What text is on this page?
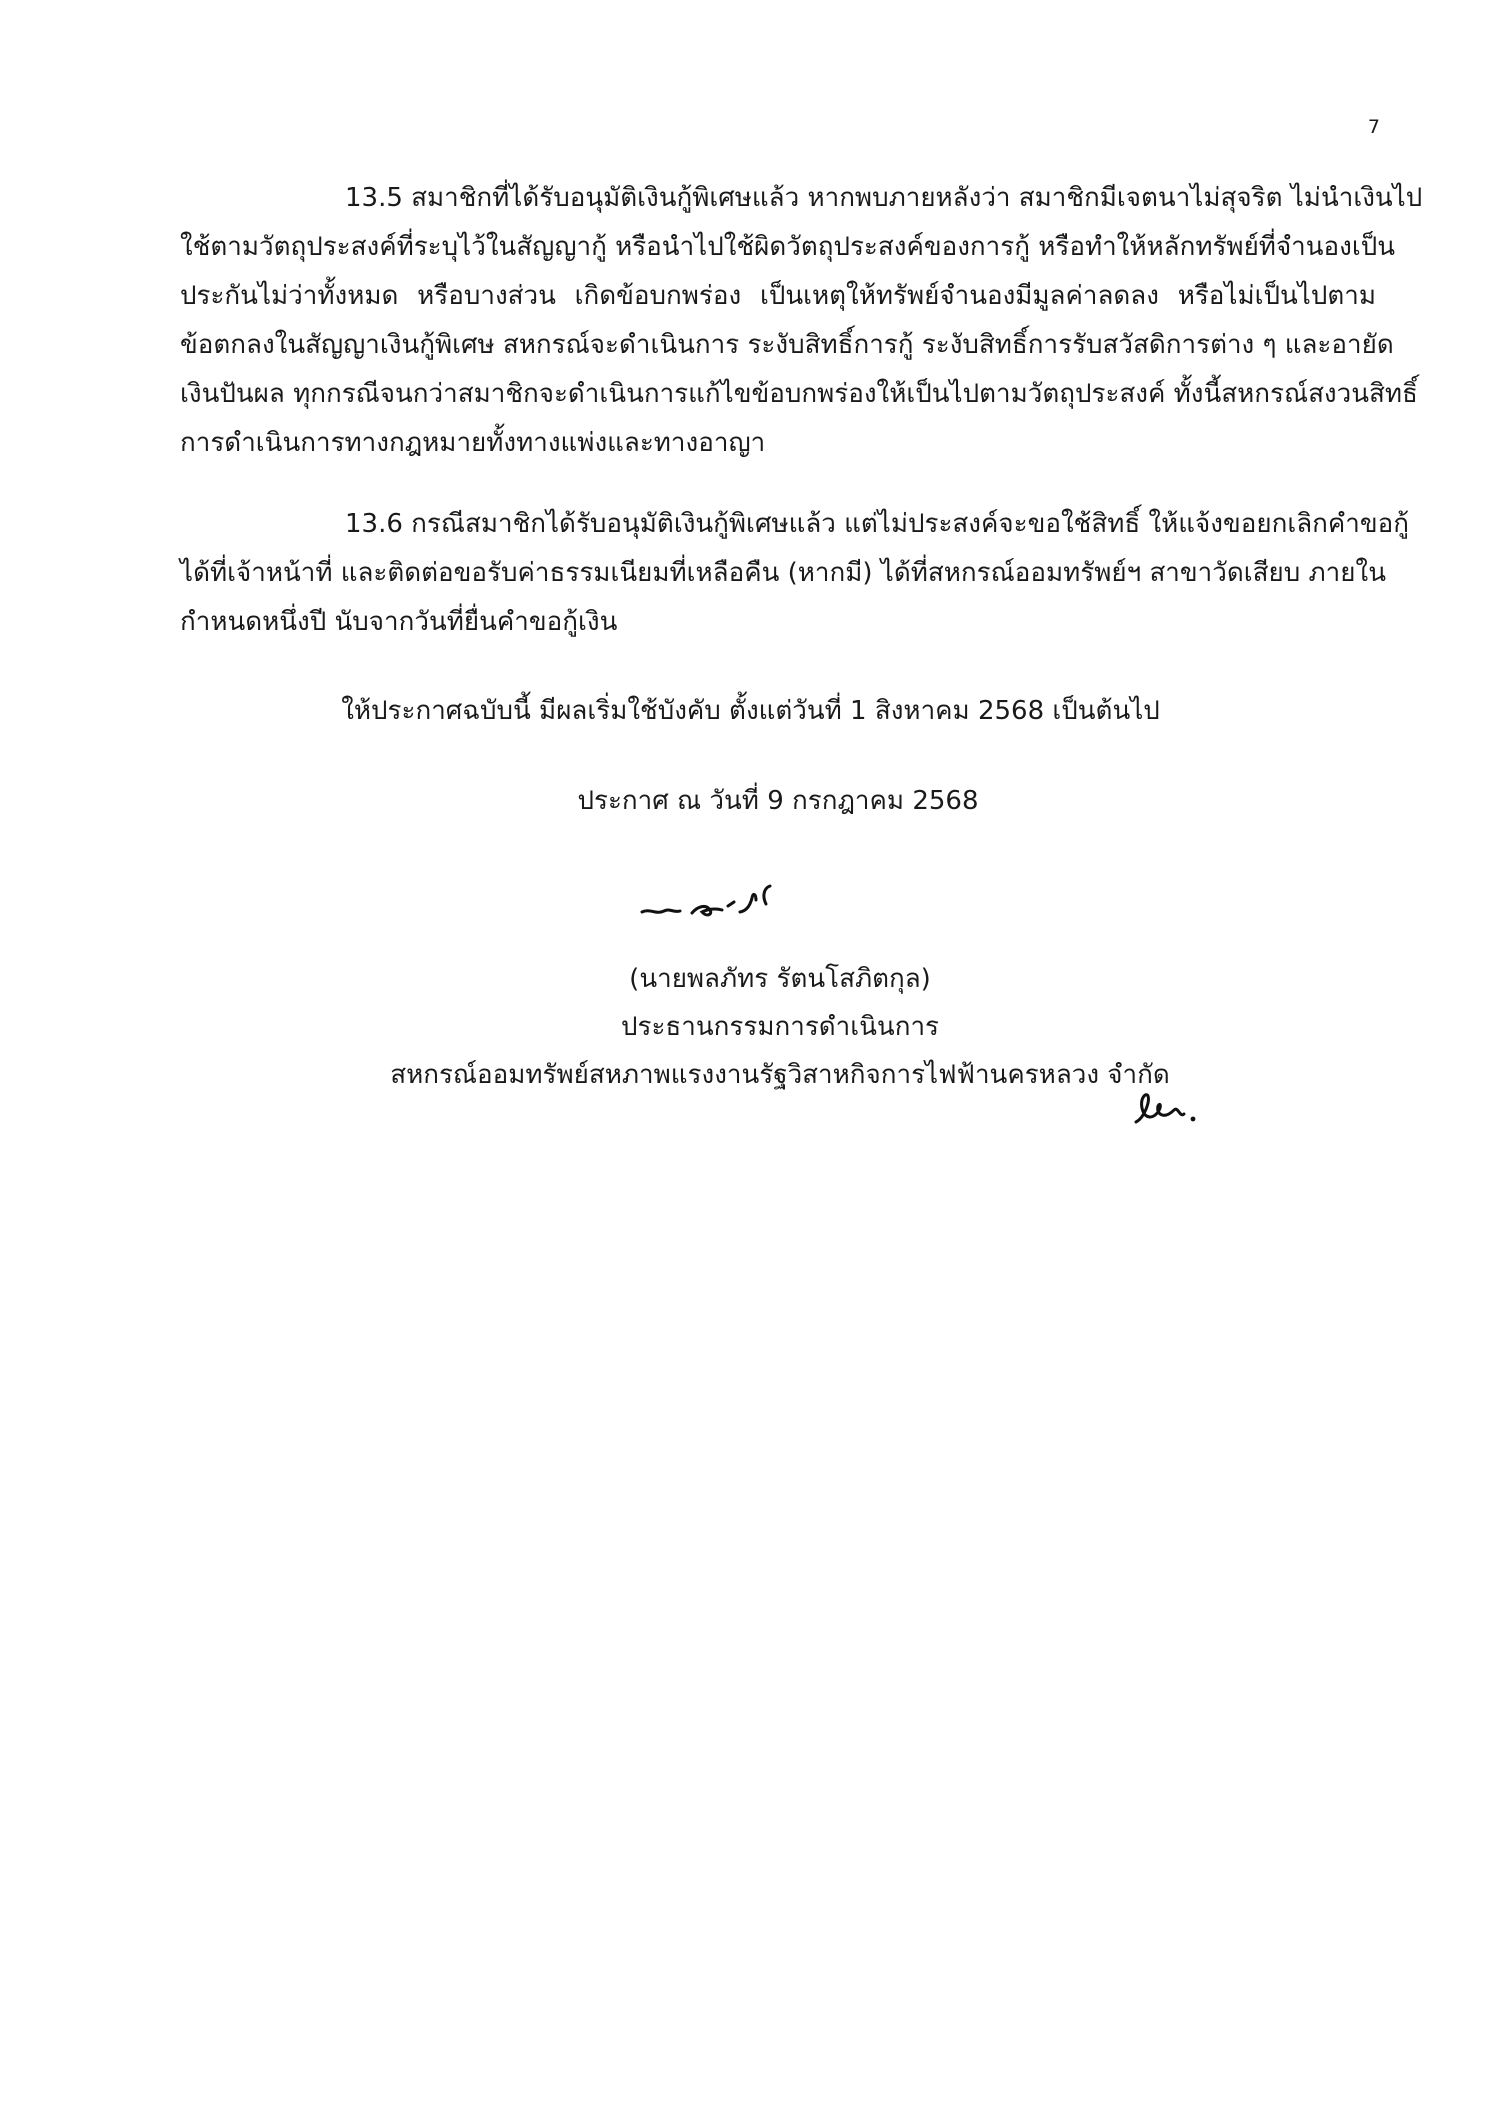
7
13.5 สมาชิกที่ได้รับอนุมัติเงินกู้พิเศษแล้ว หากพบภายหลังว่า สมาชิกมีเจตนาไม่สุจริต ไม่นำเงินไป
ใช้ตามวัตถุประสงค์ที่ระบุไว้ในสัญญากู้ หรือนำไปใช้ผิดวัตถุประสงค์ของการกู้ หรือทำให้หลักทรัพย์ที่จำนองเป็น
ประกันไม่ว่าทั้งหมด หรือบางส่วน เกิดข้อบกพร่อง เป็นเหตุให้ทรัพย์จำนองมีมูลค่าลดลง หรือไม่เป็นไปตาม
ข้อตกลงในสัญญาเงินกู้พิเศษ สหกรณ์จะดำเนินการ ระงับสิทธิ์การกู้ ระงับสิทธิ์การรับสวัสดิการต่าง ๆ และอายัด
เงินปันผล ทุกกรณีจนกว่าสมาชิกจะดำเนินการแก้ไขข้อบกพร่องให้เป็นไปตามวัตถุประสงค์ ทั้งนี้สหกรณ์สงวนสิทธิ์
การดำเนินการทางกฎหมายทั้งทางแพ่งและทางอาญา
13.6 กรณีสมาชิกได้รับอนุมัติเงินกู้พิเศษแล้ว แต่ไม่ประสงค์จะขอใช้สิทธิ์ ให้แจ้งขอยกเลิกคำขอกู้
ได้ที่เจ้าหน้าที่ และติดต่อขอรับค่าธรรมเนียมที่เหลือคืน (หากมี) ได้ที่สหกรณ์ออมทรัพย์ฯ สาขาวัดเสียบ ภายใน
กำหนดหนึ่งปี นับจากวันที่ยื่นคำขอกู้เงิน
ให้ประกาศฉบับนี้ มีผลเริ่มใช้บังคับ ตั้งแต่วันที่ 1 สิงหาคม 2568 เป็นต้นไป
ประกาศ ณ วันที่ 9 กรกฎาคม 2568
(นายพลภัทร รัตนโสภิตกุล)
ประธานกรรมการดำเนินการ
สหกรณ์ออมทรัพย์สหภาพแรงงานรัฐวิสาหกิจการไฟฟ้านครหลวง จำกัด
